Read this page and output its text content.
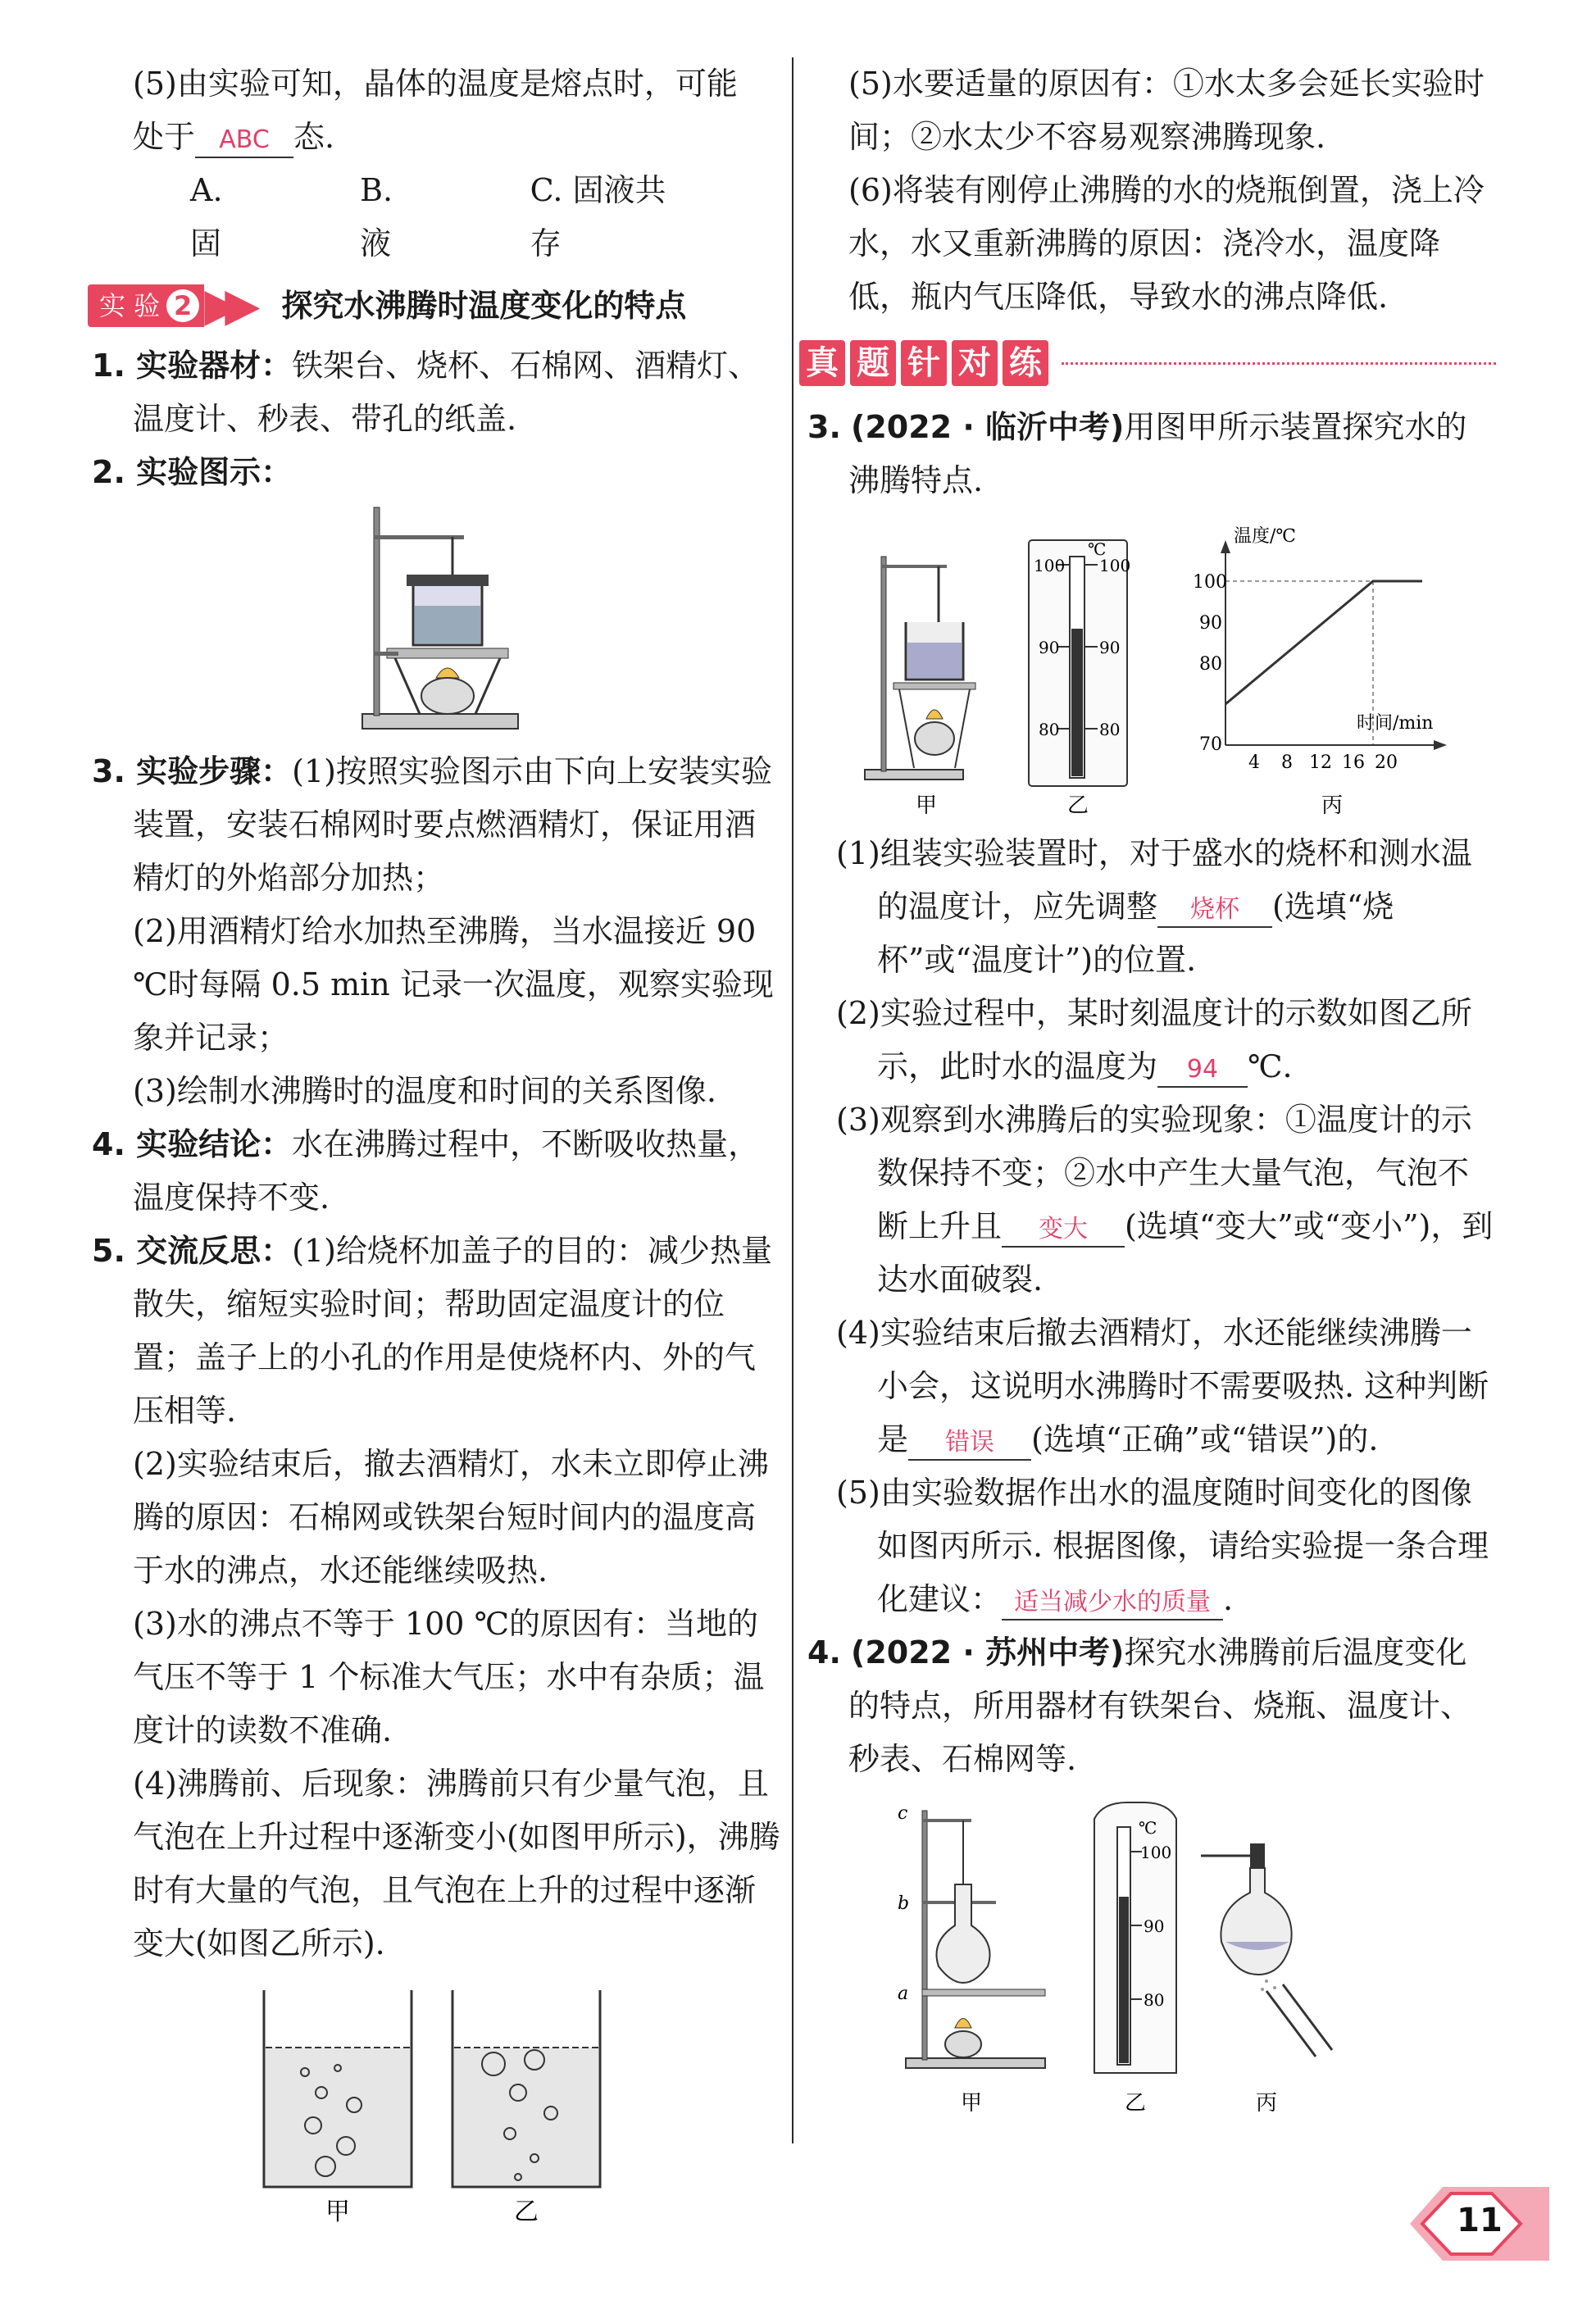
(5)由实验可知，晶体的温度是熔点时，可能

处于 ABC 态.

A. 固
B. 液
C. 固液共存
实 验 2 ▶▶ 探究水沸腾时温度变化的特点

1. 实验器材：铁架台、烧杯、石棉网、酒精灯、温度计、秒表、带孔的纸盖.

2. 实验图示：

3. 实验步骤：(1)按照实验图示由下向上安装实验装置，安装石棉网时要点燃酒精灯，保证用酒精灯的外焰部分加热；

(2)用酒精灯给水加热至沸腾，当水温接近 90 ℃时每隔 0.5 min 记录一次温度，观察实验现象并记录；

(3)绘制水沸腾时的温度和时间的关系图像.

4. 实验结论：水在沸腾过程中，不断吸收热量，温度保持不变.

5. 交流反思：(1)给烧杯加盖子的目的：减少热量散失，缩短实验时间；帮助固定温度计的位置；盖子上的小孔的作用是使烧杯内、外的气压相等.

(2)实验结束后，撤去酒精灯，水未立即停止沸腾的原因：石棉网或铁架台短时间内的温度高于水的沸点，水还能继续吸热.

(3)水的沸点不等于 100 ℃的原因有：当地的气压不等于 1 个标准大气压；水中有杂质；温度计的读数不准确.

(4)沸腾前、后现象：沸腾前只有少量气泡，且气泡在上升过程中逐渐变小(如图甲所示)，沸腾时有大量的气泡，且气泡在上升的过程中逐渐变大(如图乙所示).

甲	乙

(5)水要适量的原因有：①水太多会延长实验时间；②水太少不容易观察沸腾现象.

(6)将装有刚停止沸腾的水的烧瓶倒置，浇上冷水，水又重新沸腾的原因：浇冷水，温度降低，瓶内气压降低，导致水的沸点降低.

真 题 针 对 练

3. (2022 · 临沂中考)用图甲所示装置探究水的沸腾特点.

℃
100
90
80
100
90
80
温度/℃
时间/min
100
90
80
70
4 8 12 16 20
甲	乙	丙

(1)组装实验装置时，对于盛水的烧杯和测水温的温度计，应先调整 烧杯 (选填“烧杯”或“温度计”)的位置.

(2)实验过程中，某时刻温度计的示数如图乙所示，此时水的温度为 94 ℃.

(3)观察到水沸腾后的实验现象：①温度计的示数保持不变；②水中产生大量气泡，气泡不断上升且 变大 (选填“变大”或“变小”)，到达水面破裂.

(4)实验结束后撤去酒精灯，水还能继续沸腾一小会，这说明水沸腾时不需要吸热. 这种判断是 错误 (选填“正确”或“错误”)的.

(5)由实验数据作出水的温度随时间变化的图像如图丙所示. 根据图像，请给实验提一条合理化建议： 适当减少水的质量 .

4. (2022 · 苏州中考)探究水沸腾前后温度变化的特点，所用器材有铁架台、烧瓶、温度计、秒表、石棉网等.

c
b
a
℃
100
90
80
甲	乙	丙
11
